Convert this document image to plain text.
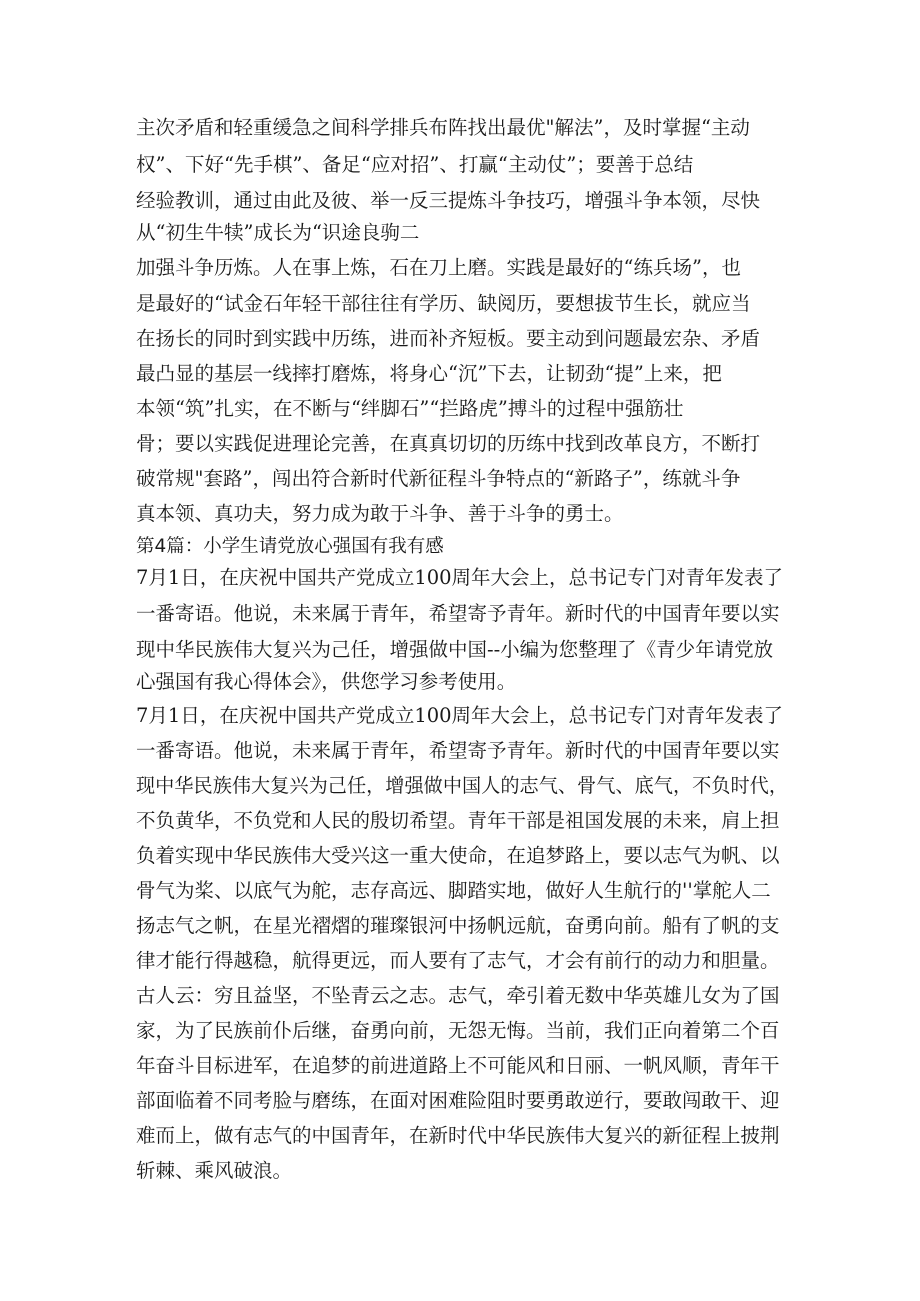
主次矛盾和轻重缓急之间科学排兵布阵找出最优"解法”，及时掌握“主动
权”、下好“先手棋”、备足“应对招”、打赢“主动仗”；要善于总结
经验教训，通过由此及彼、举一反三提炼斗争技巧，增强斗争本领，尽快
从“初生牛犊”成长为“识途良驹二
加强斗争历炼。人在事上炼，石在刀上磨。实践是最好的“练兵场”，也
是最好的“试金石年轻干部往往有学历、缺阅历，要想拔节生长，就应当
在扬长的同时到实践中历练，进而补齐短板。要主动到问题最宏杂、矛盾
最凸显的基层一线摔打磨炼，将身心“沉”下去，让韧劲“提”上来，把
本领“筑”扎实，在不断与“绊脚石”“拦路虎”搏斗的过程中强筋壮
骨；要以实践促进理论完善，在真真切切的历练中找到改革良方，不断打
破常规"套路”，闯出符合新时代新征程斗争特点的“新路子”，练就斗争
真本领、真功夫，努力成为敢于斗争、善于斗争的勇士。
第4篇：小学生请党放心强国有我有感
7月1日，在庆祝中国共产党成立100周年大会上，总书记专门对青年发表了
一番寄语。他说，未来属于青年，希望寄予青年。新时代的中国青年要以实
现中华民族伟大复兴为己任，增强做中国--小编为您整理了《青少年请党放
心强国有我心得体会》，供您学习参考使用。
7月1日，在庆祝中国共产党成立100周年大会上，总书记专门对青年发表了
一番寄语。他说，未来属于青年，希望寄予青年。新时代的中国青年要以实
现中华民族伟大复兴为己任，增强做中国人的志气、骨气、底气，不负时代，
不负黄华，不负党和人民的殷切希望。青年干部是祖国发展的未来，肩上担
负着实现中华民族伟大受兴这一重大使命，在追梦路上，要以志气为帆、以
骨气为桨、以底气为舵，志存高远、脚踏实地，做好人生航行的''掌舵人二
扬志气之帆，在星光褶熠的璀璨银河中扬帆远航，奋勇向前。船有了帆的支
律才能行得越稳，航得更远，而人要有了志气，才会有前行的动力和胆量。
古人云：穷且益坚，不坠青云之志。志气，牵引着无数中华英雄儿女为了国
家，为了民族前仆后继，奋勇向前，无怨无悔。当前，我们正向着第二个百
年奋斗目标进军，在追梦的前进道路上不可能风和日丽、一帆风顺，青年干
部面临着不同考脸与磨练，在面对困难险阻时要勇敢逆行，要敢闯敢干、迎
难而上，做有志气的中国青年，在新时代中华民族伟大复兴的新征程上披荆
斩棘、乘风破浪。
